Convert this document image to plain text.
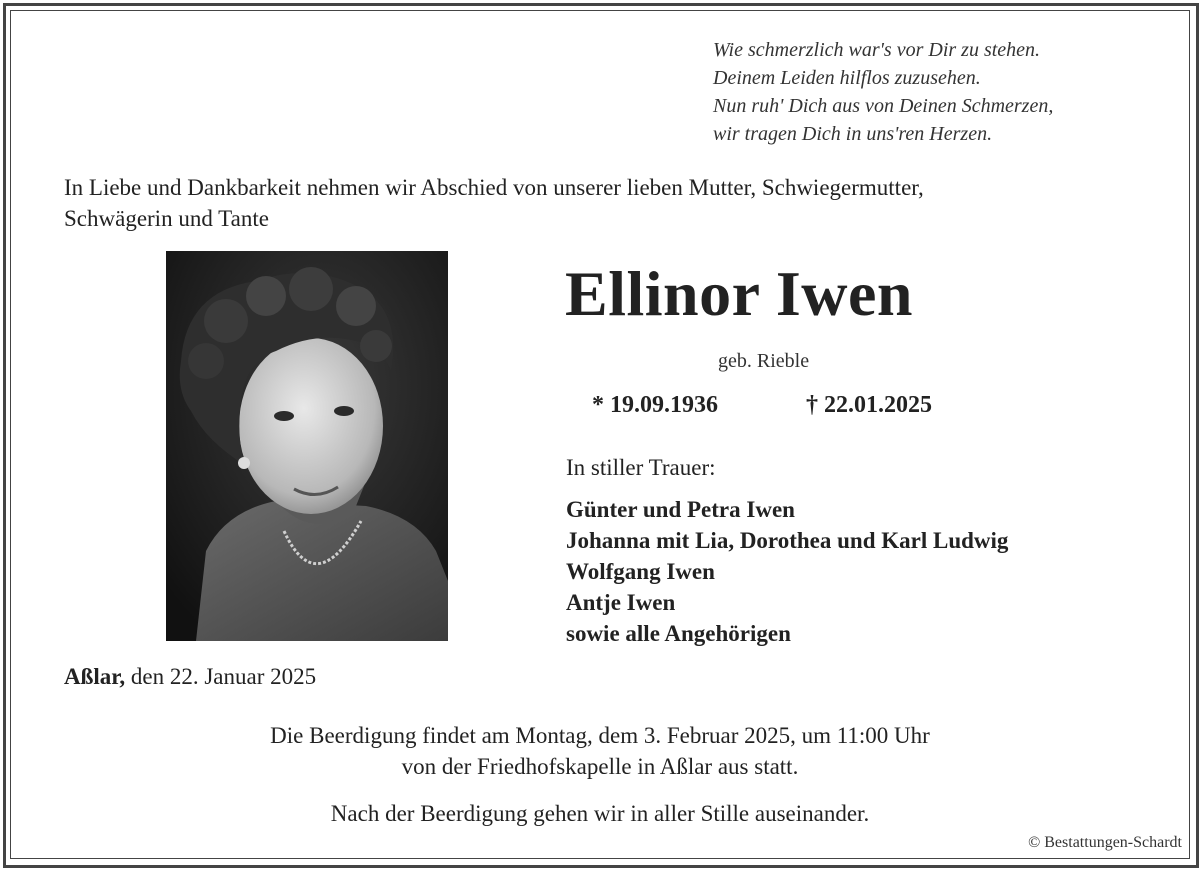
Wie schmerzlich war's vor Dir zu stehen.
Deinem Leiden hilflos zuzusehen.
Nun ruh' Dich aus von Deinen Schmerzen,
wir tragen Dich in uns'ren Herzen.
In Liebe und Dankbarkeit nehmen wir Abschied von unserer lieben Mutter, Schwiegermutter,
Schwägerin und Tante
Ellinor Iwen
geb. Rieble
* 19.09.1936	† 22.01.2025
In stiller Trauer:
Günter und Petra Iwen
Johanna mit Lia, Dorothea und Karl Ludwig
Wolfgang Iwen
Antje Iwen
sowie alle Angehörigen
Aßlar, den 22. Januar 2025
Die Beerdigung findet am Montag, dem 3. Februar 2025, um 11:00 Uhr
von der Friedhofskapelle in Aßlar aus statt.
Nach der Beerdigung gehen wir in aller Stille auseinander.
© Bestattungen-Schardt
